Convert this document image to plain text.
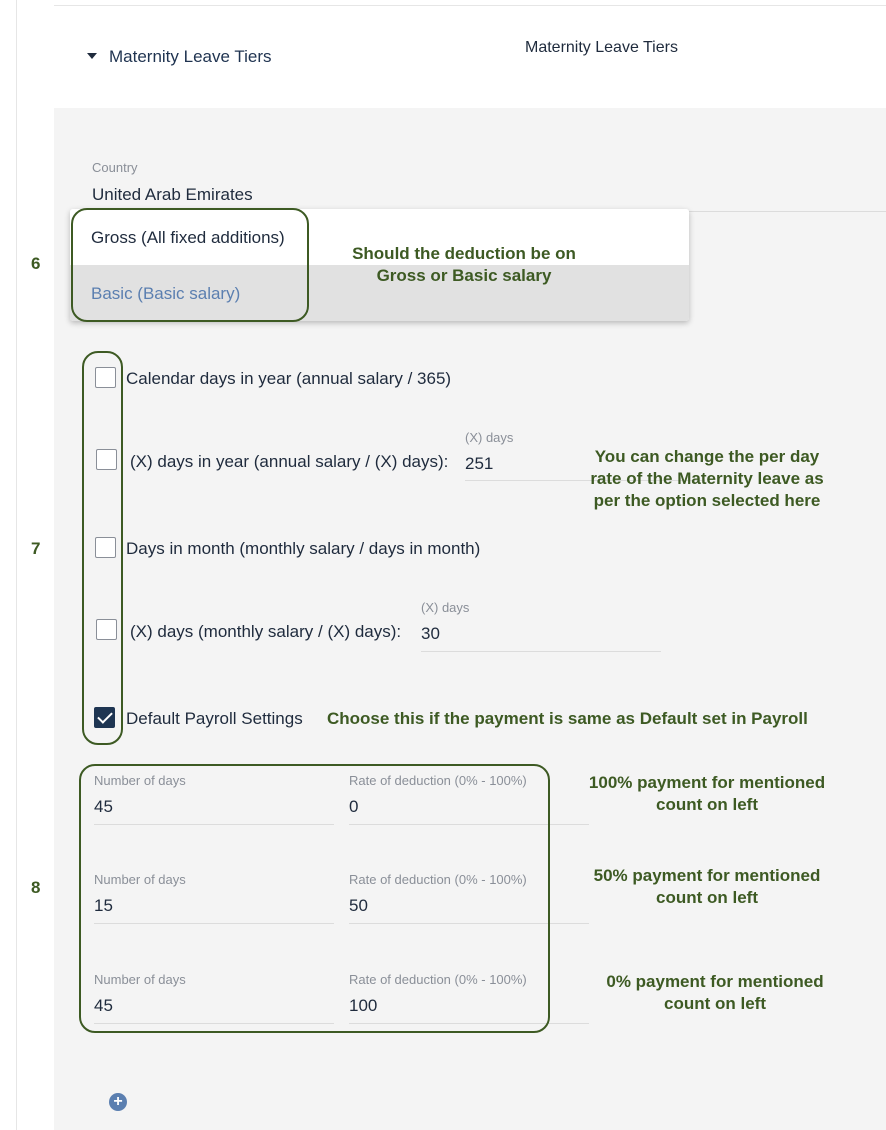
Maternity Leave Tiers	Maternity Leave Tiers
Country
United Arab Emirates
Gross (All fixed additions)
Basic (Basic salary)
6
Should the deduction be on
Gross or Basic salary
Calendar days in year (annual salary / 365)
(X) days in year (annual salary / (X) days):
(X) days
251
Days in month (monthly salary / days in month)
(X) days (monthly salary / (X) days):
(X) days
30
Default Payroll Settings
7
You can change the per day
rate of the Maternity leave as
per the option selected here
Choose this if the payment is same as Default set in Payroll
Number of days
45
Rate of deduction (0% - 100%)
0
Number of days
15
Rate of deduction (0% - 100%)
50
Number of days
45
Rate of deduction (0% - 100%)
100
8
100% payment for mentioned
count on left
50% payment for mentioned
count on left
0% payment for mentioned
count on left
+
